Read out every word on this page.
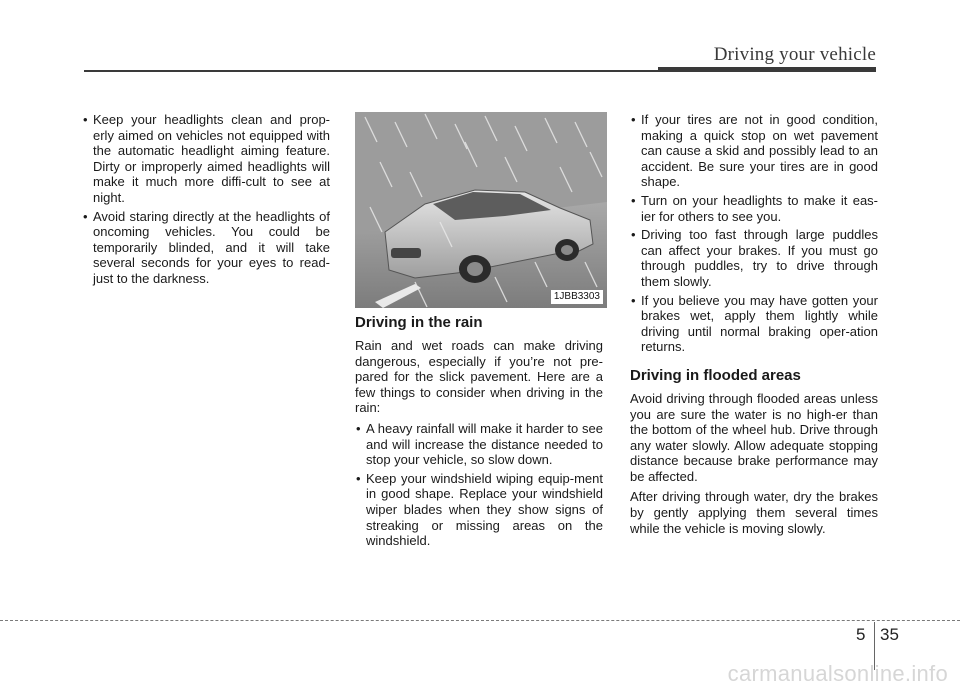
Driving your vehicle
• Keep your headlights clean and prop-erly aimed on vehicles not equipped with the automatic headlight aiming feature. Dirty or improperly aimed headlights will make it much more diffi-cult to see at night.
• Avoid staring directly at the headlights of oncoming vehicles. You could be temporarily blinded, and it will take several seconds for your eyes to read-just to the darkness.
1JBB3303
Driving in the rain

Rain and wet roads can make driving dangerous, especially if you’re not pre-pared for the slick pavement. Here are a few things to consider when driving in the rain:

• A heavy rainfall will make it harder to see and will increase the distance needed to stop your vehicle, so slow down.
• Keep your windshield wiping equip-ment in good shape. Replace your windshield wiper blades when they show signs of streaking or missing areas on the windshield.
• If your tires are not in good condition, making a quick stop on wet pavement can cause a skid and possibly lead to an accident. Be sure your tires are in good shape.
• Turn on your headlights to make it eas-ier for others to see you.
• Driving too fast through large puddles can affect your brakes. If you must go through puddles, try to drive through them slowly.
• If you believe you may have gotten your brakes wet, apply them lightly while driving until normal braking oper-ation returns.
Driving in flooded areas

Avoid driving through flooded areas unless you are sure the water is no high-er than the bottom of the wheel hub. Drive through any water slowly. Allow adequate stopping distance because brake performance may be affected.

After driving through water, dry the brakes by gently applying them several times while the vehicle is moving slowly.

5 35
carmanualsonline.info
